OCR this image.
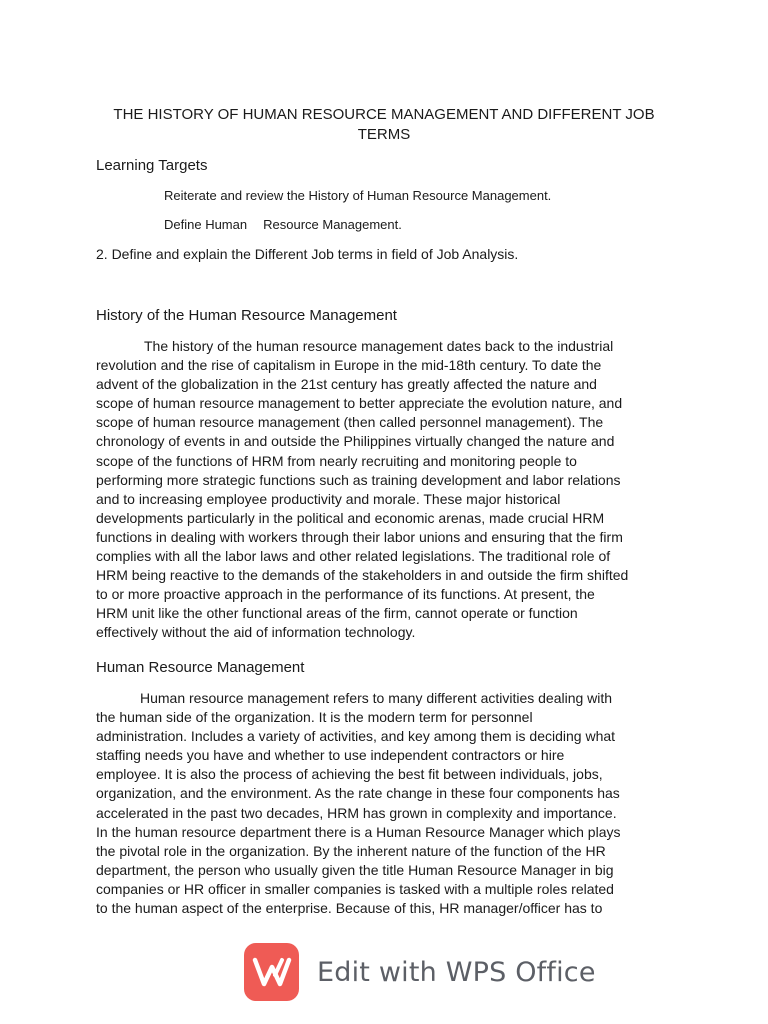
THE HISTORY OF HUMAN RESOURCE MANAGEMENT AND DIFFERENT JOB
TERMS
Learning Targets

Reiterate and review the History of Human Resource Management.

Define Human Resource Management.

2. Define and explain the Different Job terms in field of Job Analysis.

History of the Human Resource Management
The history of the human resource management dates back to the industrial
revolution and the rise of capitalism in Europe in the mid-18th century. To date the
advent of the globalization in the 21st century has greatly affected the nature and
scope of human resource management to better appreciate the evolution nature, and
scope of human resource management (then called personnel management). The
chronology of events in and outside the Philippines virtually changed the nature and
scope of the functions of HRM from nearly recruiting and monitoring people to
performing more strategic functions such as training development and labor relations
and to increasing employee productivity and morale. These major historical
developments particularly in the political and economic arenas, made crucial HRM
functions in dealing with workers through their labor unions and ensuring that the firm
complies with all the labor laws and other related legislations. The traditional role of
HRM being reactive to the demands of the stakeholders in and outside the firm shifted
to or more proactive approach in the performance of its functions. At present, the
HRM unit like the other functional areas of the firm, cannot operate or function
effectively without the aid of information technology.
Human Resource Management
Human resource management refers to many different activities dealing with
the human side of the organization. It is the modern term for personnel
administration. Includes a variety of activities, and key among them is deciding what
staffing needs you have and whether to use independent contractors or hire
employee. It is also the process of achieving the best fit between individuals, jobs,
organization, and the environment. As the rate change in these four components has
accelerated in the past two decades, HRM has grown in complexity and importance.
In the human resource department there is a Human Resource Manager which plays
the pivotal role in the organization. By the inherent nature of the function of the HR
department, the person who usually given the title Human Resource Manager in big
companies or HR officer in smaller companies is tasked with a multiple roles related
to the human aspect of the enterprise. Because of this, HR manager/officer has to
Edit with WPS Office
